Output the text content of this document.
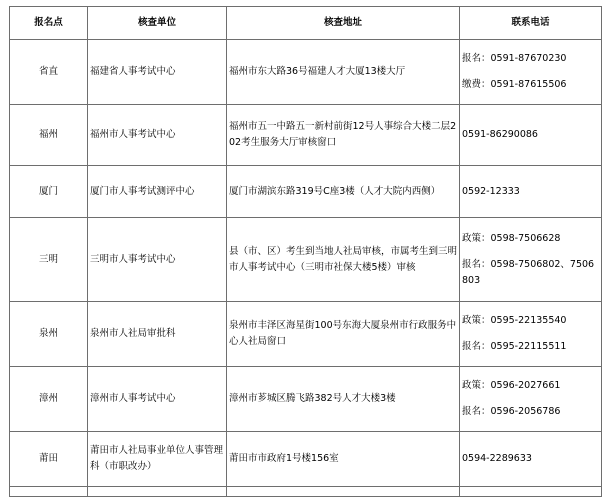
报名点	核查单位	核查地址	联系电话
省直	福建省人事考试中心	福州市东大路36号福建人才大厦13楼大厅	报名：0591-87670230
缴费：0591-87615506

福州	福州市人事考试中心	福州市五一中路五一新村前街12号人事综合大楼二层202考生服务大厅审核窗口	0591-86290086

厦门	厦门市人事考试测评中心	厦门市湖滨东路319号C座3楼（人才大院内西侧）	0592-12333

三明	三明市人事考试中心	县（市、区）考生到当地人社局审核，市属考生到三明市人事考试中心（三明市社保大楼5楼）审核	政策：0598-7506628
报名：0598-7506802、7506803

泉州	泉州市人社局审批科	泉州市丰泽区海星街100号东海大厦泉州市行政服务中心人社局窗口	政策：0595-22135540
报名：0595-22115511

漳州	漳州市人事考试中心	漳州市芗城区腾飞路382号人才大楼3楼	政策：0596-2027661
报名：0596-2056786

莆田	莆田市人社局事业单位人事管理科（市职改办）	莆田市市政府1号楼156室	0594-2289633
